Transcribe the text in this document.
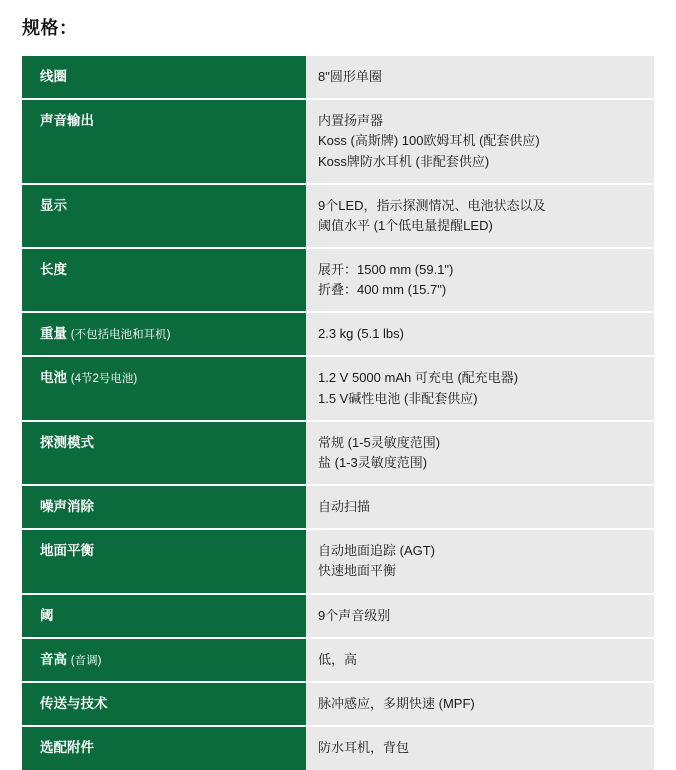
规格：
线圈	8"圆形单圈

声音输出	内置扬声器
Koss (高斯牌) 100欧姆耳机 (配套供应)
Koss牌防水耳机 (非配套供应)

显示	9个LED，指示探测情况、电池状态以及
阈值水平 (1个低电量提醒LED)

长度	展开：1500 mm (59.1")
折叠：400 mm (15.7")

重量 (不包括电池和耳机)	2.3 kg (5.1 lbs)

电池 (4节2号电池)	1.2 V 5000 mAh 可充电 (配充电器)
1.5 V碱性电池 (非配套供应)

探测模式	常规 (1-5灵敏度范围)
盐 (1-3灵敏度范围)

噪声消除	自动扫描

地面平衡	自动地面追踪 (AGT)
快速地面平衡

阈	9个声音级别

音高 (音调)	低，高

传送与技术	脉冲感应，多期快速 (MPF)

选配附件	防水耳机，背包
